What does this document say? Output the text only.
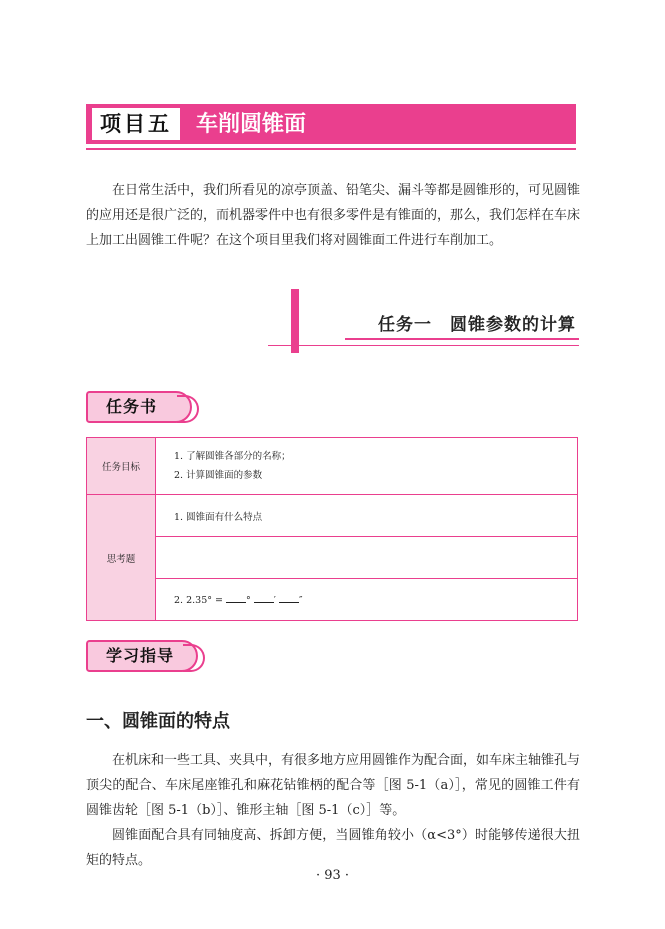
项目五	车削圆锥面
在日常生活中，我们所看见的凉亭顶盖、铅笔尖、漏斗等都是圆锥形的，可见圆锥的应用还是很广泛的，而机器零件中也有很多零件是有锥面的，那么，我们怎样在车床上加工出圆锥工件呢？在这个项目里我们将对圆锥面工件进行车削加工。
任务一　圆锥参数的计算
任务书
任务目标	1. 了解圆锥各部分的名称；
2. 计算圆锥面的参数

思考题	1. 圆锥面有什么特点

	2. 2.35° = ° ′ ″
学习指导
一、圆锥面的特点

在机床和一些工具、夹具中，有很多地方应用圆锥作为配合面，如车床主轴锥孔与顶尖的配合、车床尾座锥孔和麻花钻锥柄的配合等［图 5-1（a）］，常见的圆锥工件有圆锥齿轮［图 5-1（b）］、锥形主轴［图 5-1（c）］等。

圆锥面配合具有同轴度高、拆卸方便，当圆锥角较小（α<3°）时能够传递很大扭矩的特点。

· 93 ·
